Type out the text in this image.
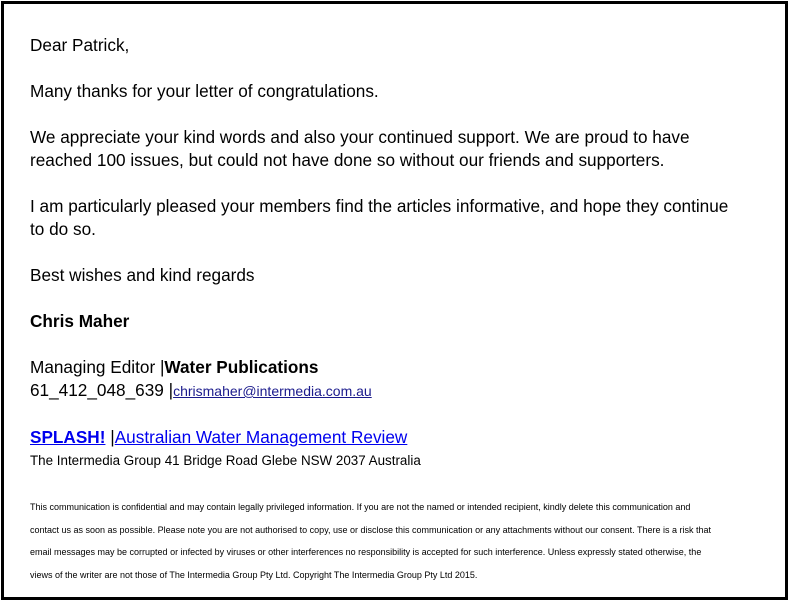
Dear Patrick,

Many thanks for your letter of congratulations.

We appreciate your kind words and also your continued support. We are proud to have

reached 100 issues, but could not have done so without our friends and supporters.

I am particularly pleased your members find the articles informative, and hope they continue

to do so.

Best wishes and kind regards

Chris Maher

Managing Editor |Water Publications

61_412_048_639 |chrismaher@intermedia.com.au

SPLASH! |Australian Water Management Review

The Intermedia Group 41 Bridge Road Glebe NSW 2037 Australia

This communication is confidential and may contain legally privileged information. If you are not the named or intended recipient, kindly delete this communication and

contact us as soon as possible. Please note you are not authorised to copy, use or disclose this communication or any attachments without our consent. There is a risk that

email messages may be corrupted or infected by viruses or other interferences no responsibility is accepted for such interference. Unless expressly stated otherwise, the

views of the writer are not those of The Intermedia Group Pty Ltd. Copyright The Intermedia Group Pty Ltd 2015.
